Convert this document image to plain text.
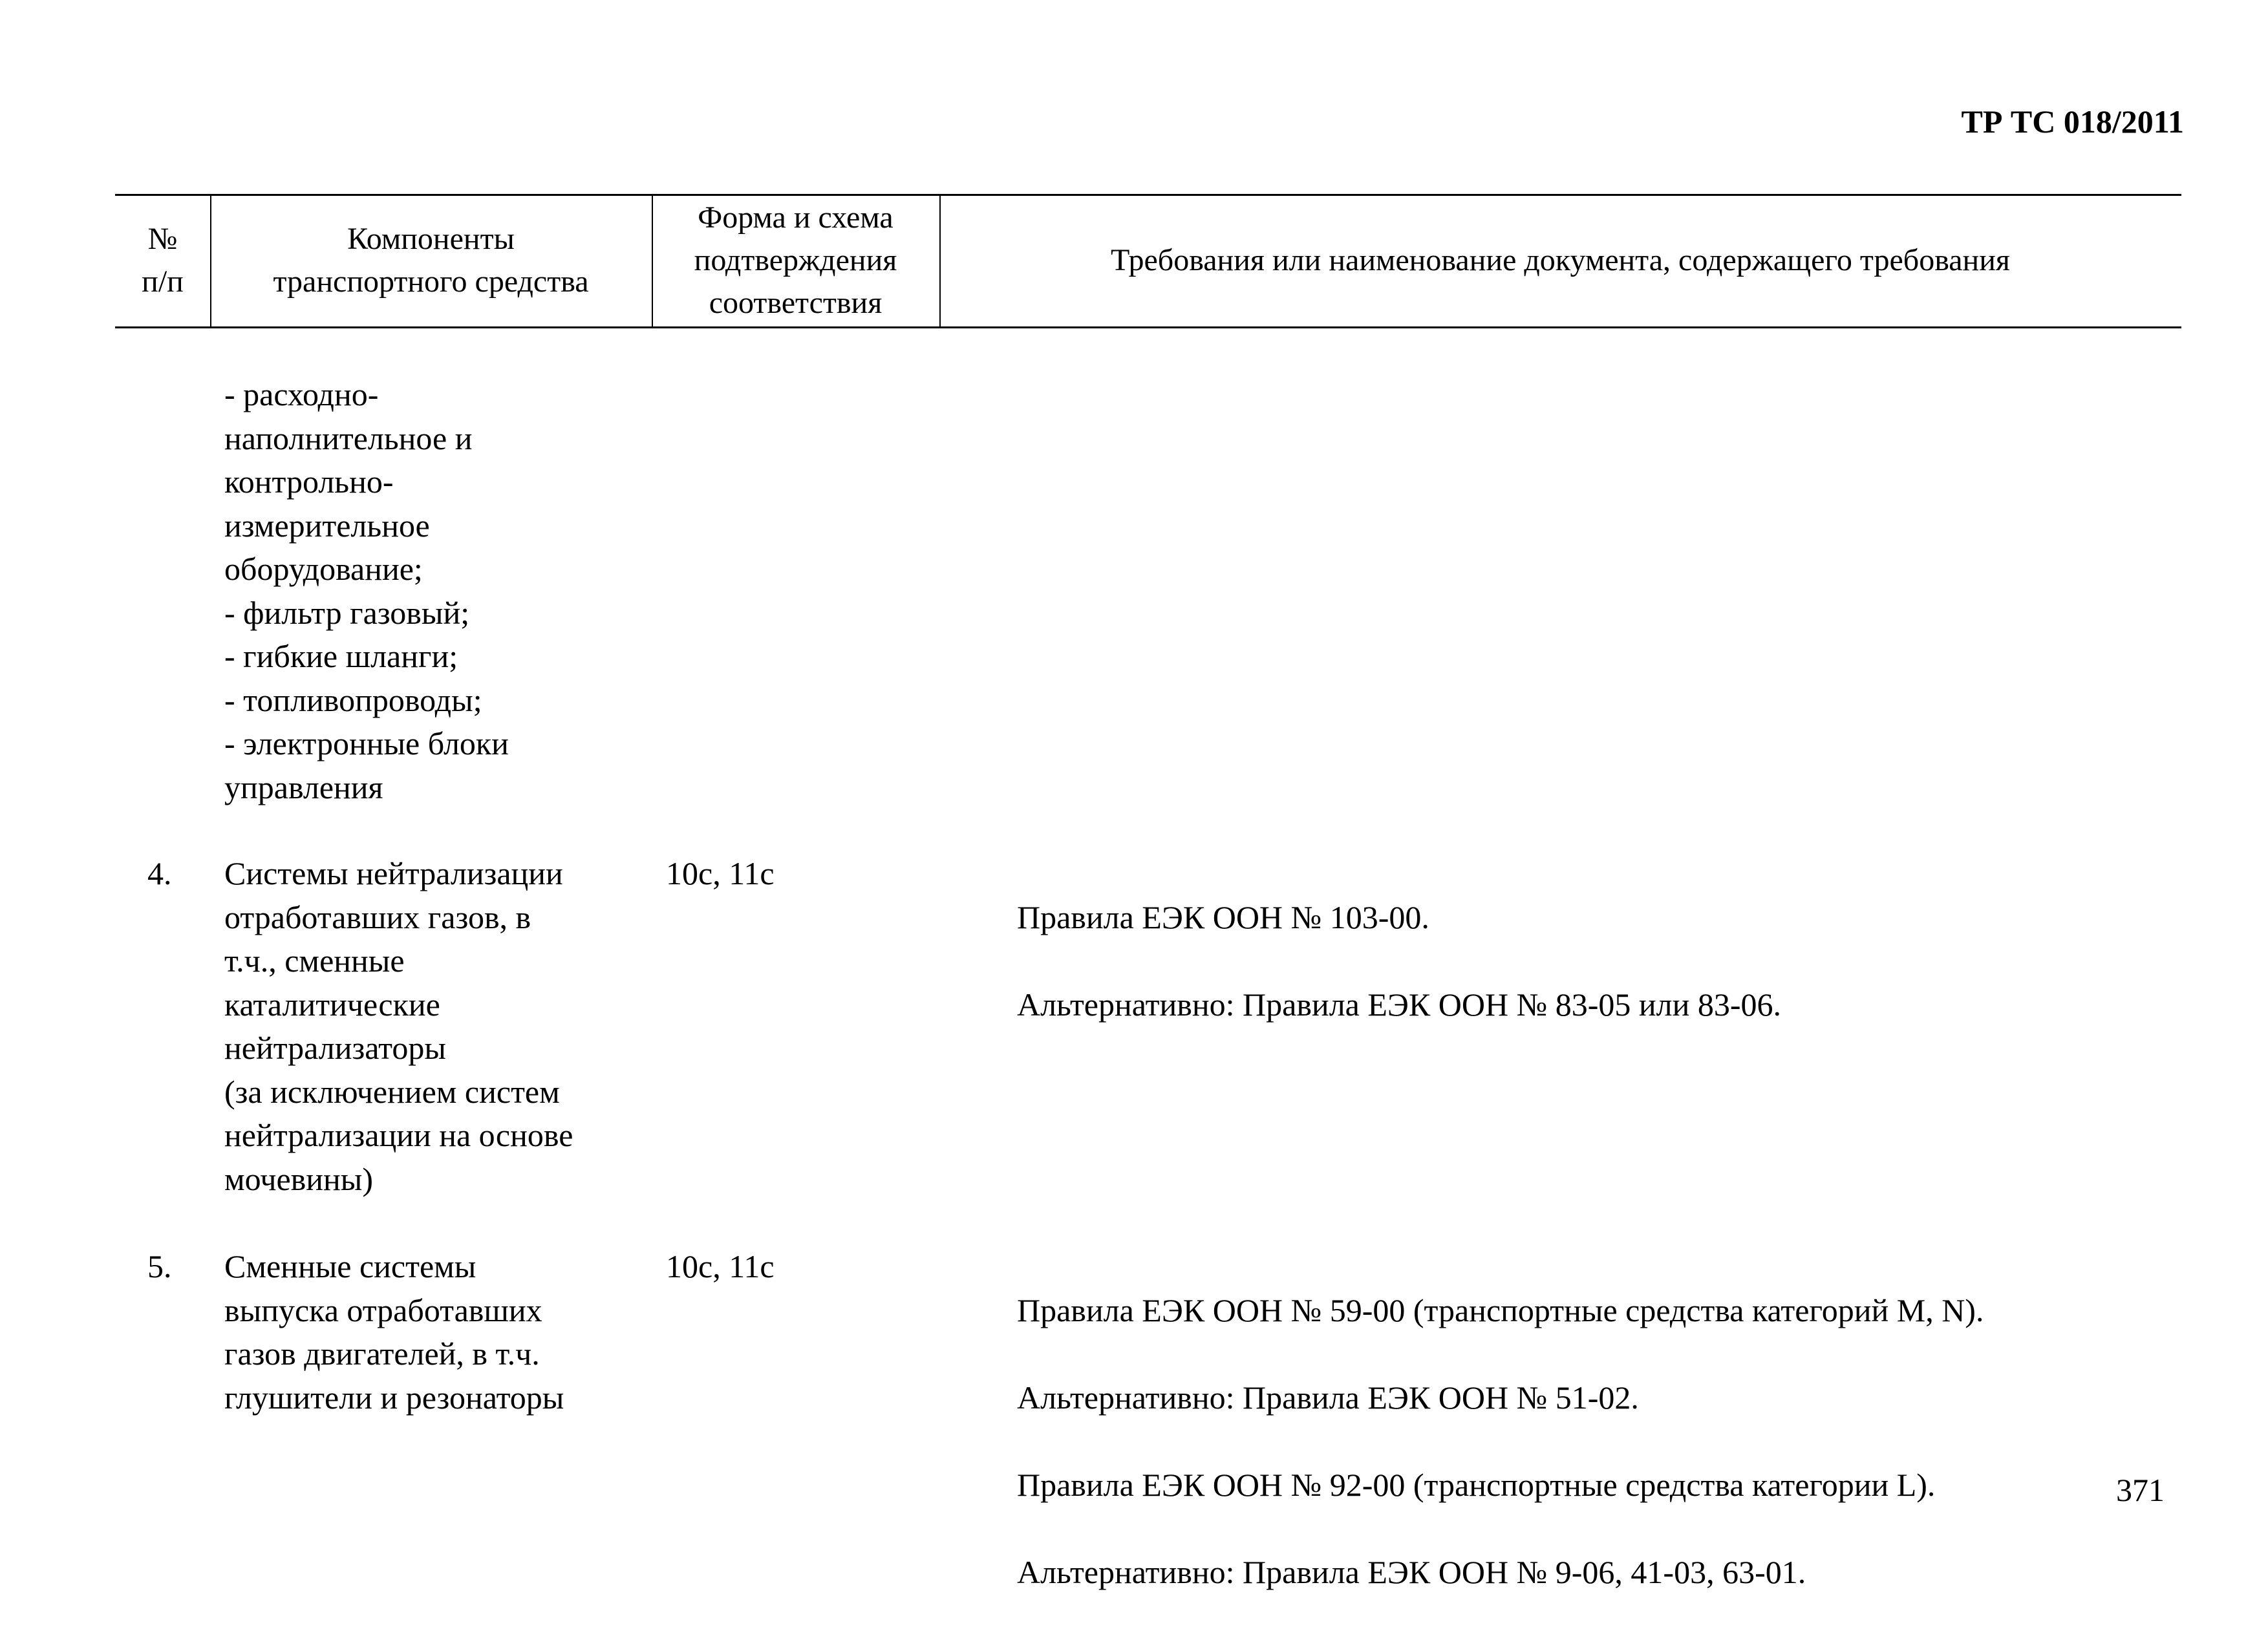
ТР ТС 018/2011
№
п/п
Компоненты
транспортного средства
Форма и схема
подтверждения
соответствия
Требования или наименование документа, содержащего требования
- расходно-
наполнительное и
контрольно-
измерительное
оборудование;
- фильтр газовый;
- гибкие шланги;
- топливопроводы;
- электронные блоки
управления
4.	Системы нейтрализации
отработавших газов, в
т.ч., сменные
каталитические
нейтрализаторы
(за исключением систем
нейтрализации на основе
мочевины)
10с, 11с

Правила ЕЭК ООН № 103-00.

Альтернативно: Правила ЕЭК ООН № 83-05 или 83-06.

5.	Сменные системы
выпуска отработавших
газов двигателей, в т.ч.
глушители и резонаторы
10с, 11с

Правила ЕЭК ООН № 59-00 (транспортные средства категорий M, N).

Альтернативно: Правила ЕЭК ООН № 51-02.

Правила ЕЭК ООН № 92-00 (транспортные средства категории L).

Альтернативно: Правила ЕЭК ООН № 9-06, 41-03, 63-01.

371
